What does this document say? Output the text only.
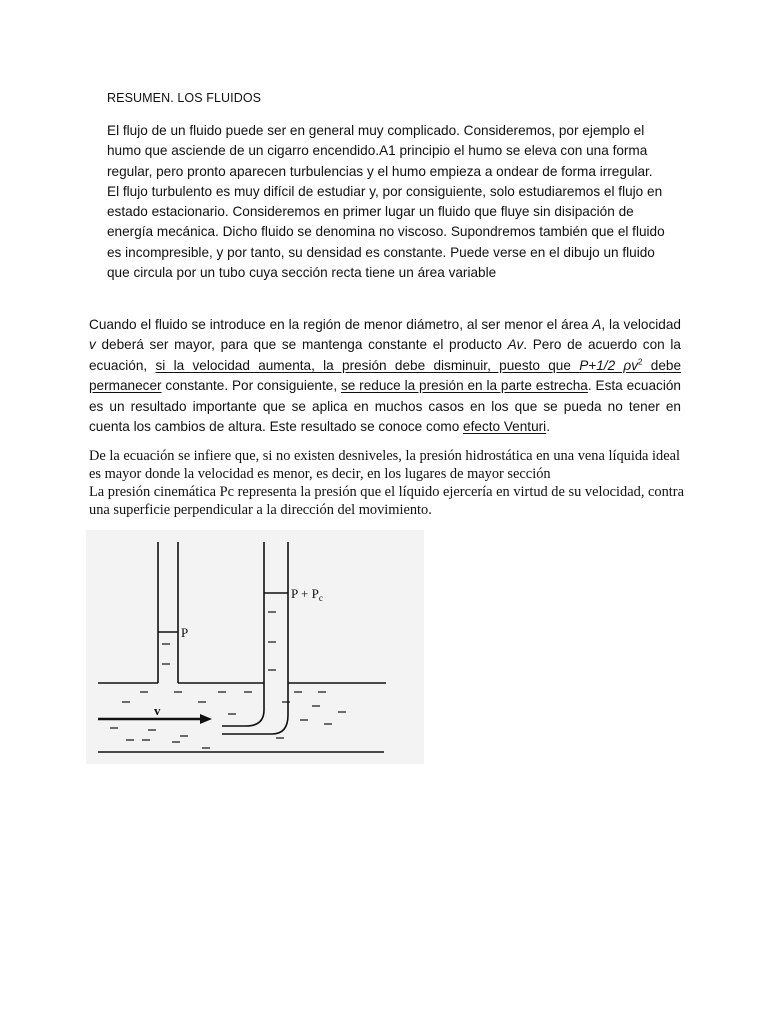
RESUMEN. LOS FLUIDOS
El flujo de un fluido puede ser en general muy complicado. Consideremos, por ejemplo el humo que asciende de un cigarro encendido.A1 principio el humo se eleva con una forma regular, pero pronto aparecen turbulencias y el humo empieza a ondear de forma irregular. El flujo turbulento es muy difícil de estudiar y, por consiguiente, solo estudiaremos el flujo en estado estacionario. Consideremos en primer lugar un fluido que fluye sin disipación de energía mecánica. Dicho fluido se denomina no viscoso. Supondremos también que el fluido es incompresible, y por tanto, su densidad es constante. Puede verse en el dibujo un fluido que circula por un tubo cuya sección recta tiene un área variable
Cuando el fluido se introduce en la región de menor diámetro, al ser menor el área A, la velocidad v deberá ser mayor, para que se mantenga constante el producto Av. Pero de acuerdo con la ecuación, si la velocidad aumenta, la presión debe disminuir, puesto que P+1/2 $\rho v^2$ debe permanecer constante. Por consiguiente, se reduce la presión en la parte estrecha. Esta ecuación es un resultado importante que se aplica en muchos casos en los que se pueda no tener en cuenta los cambios de altura. Este resultado se conoce como efecto Venturi.

De la ecuación se infiere que, si no existen desniveles, la presión hidrostática en una vena líquida ideal es mayor donde la velocidad es menor, es decir, en los lugares de mayor sección

La presión cinemática Pc representa la presión que el líquido ejercería en virtud de su velocidad, contra una superficie perpendicular a la dirección del movimiento.

P
$P + P_c$
v
